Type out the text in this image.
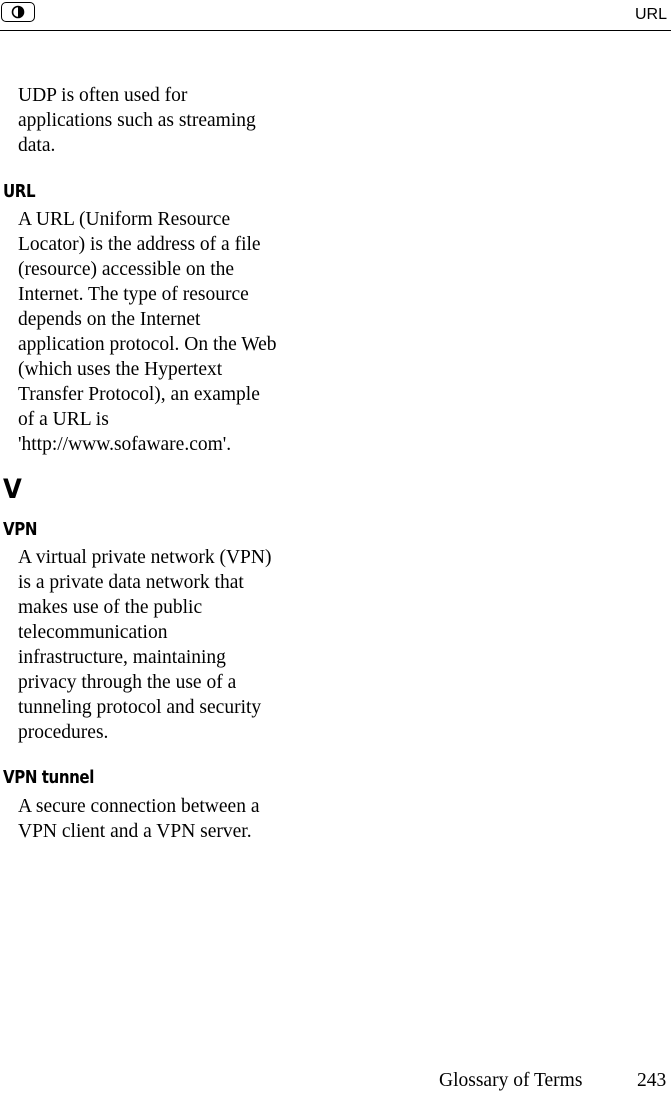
URL

UDP is often used for
applications such as streaming
data.

URL

A URL (Uniform Resource
Locator) is the address of a file
(resource) accessible on the
Internet. The type of resource
depends on the Internet
application protocol. On the Web
(which uses the Hypertext
Transfer Protocol), an example
of a URL is
'http://www.sofaware.com'.

V
VPN

A virtual private network (VPN)
is a private data network that
makes use of the public
telecommunication
infrastructure, maintaining
privacy through the use of a
tunneling protocol and security
procedures.

VPN tunnel

A secure connection between a
VPN client and a VPN server.

Glossary of Terms	243
